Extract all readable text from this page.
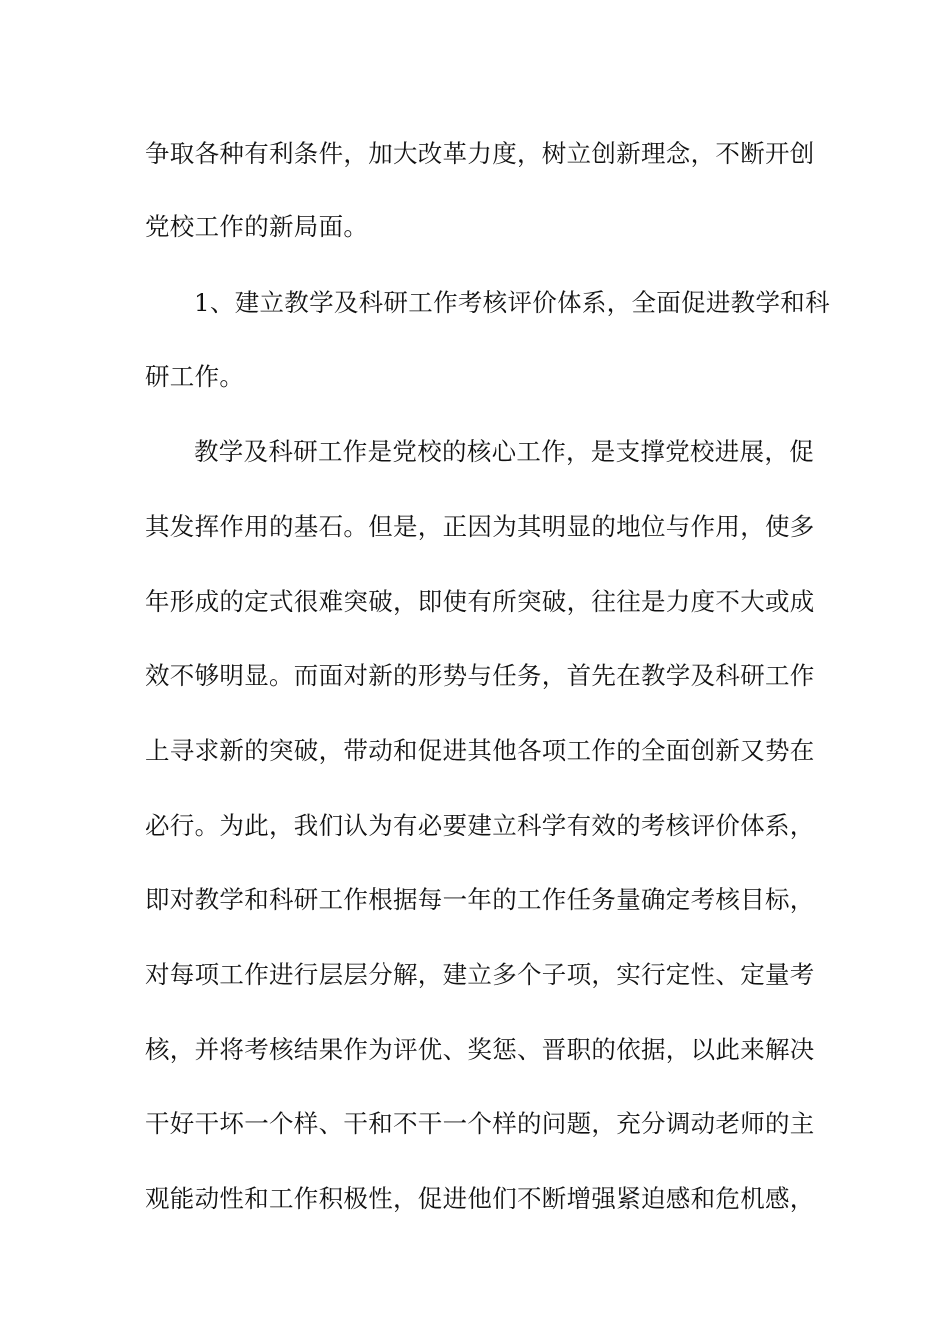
争取各种有利条件，加大改革力度，树立创新理念，不断开创
党校工作的新局面。
1、建立教学及科研工作考核评价体系，全面促进教学和科
研工作。
教学及科研工作是党校的核心工作，是支撑党校进展，促
其发挥作用的基石。但是，正因为其明显的地位与作用，使多
年形成的定式很难突破，即使有所突破，往往是力度不大或成
效不够明显。而面对新的形势与任务，首先在教学及科研工作
上寻求新的突破，带动和促进其他各项工作的全面创新又势在
必行。为此，我们认为有必要建立科学有效的考核评价体系，
即对教学和科研工作根据每一年的工作任务量确定考核目标，
对每项工作进行层层分解，建立多个子项，实行定性、定量考
核，并将考核结果作为评优、奖惩、晋职的依据，以此来解决
干好干坏一个样、干和不干一个样的问题，充分调动老师的主
观能动性和工作积极性，促进他们不断增强紧迫感和危机感，
